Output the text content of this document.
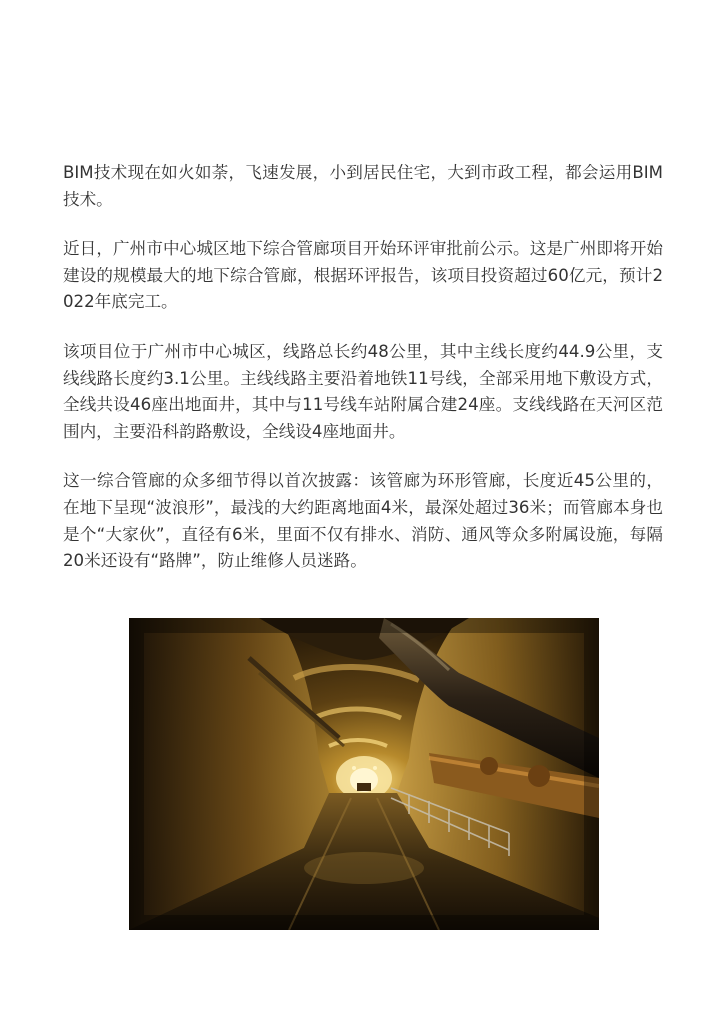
BIM技术现在如火如荼，飞速发展，小到居民住宅，大到市政工程，都会运用BIM技术。

近日，广州市中心城区地下综合管廊项目开始环评审批前公示。这是广州即将开始建设的规模最大的地下综合管廊，根据环评报告，该项目投资超过60亿元，预计2022年底完工。

该项目位于广州市中心城区，线路总长约48公里，其中主线长度约44.9公里，支线线路长度约3.1公里。主线线路主要沿着地铁11号线，全部采用地下敷设方式，全线共设46座出地面井，其中与11号线车站附属合建24座。支线线路在天河区范围内，主要沿科韵路敷设，全线设4座地面井。

这一综合管廊的众多细节得以首次披露：该管廊为环形管廊，长度近45公里的，在地下呈现“波浪形”，最浅的大约距离地面4米，最深处超过36米；而管廊本身也是个“大家伙”，直径有6米，里面不仅有排水、消防、通风等众多附属设施，每隔20米还设有“路牌”，防止维修人员迷路。
